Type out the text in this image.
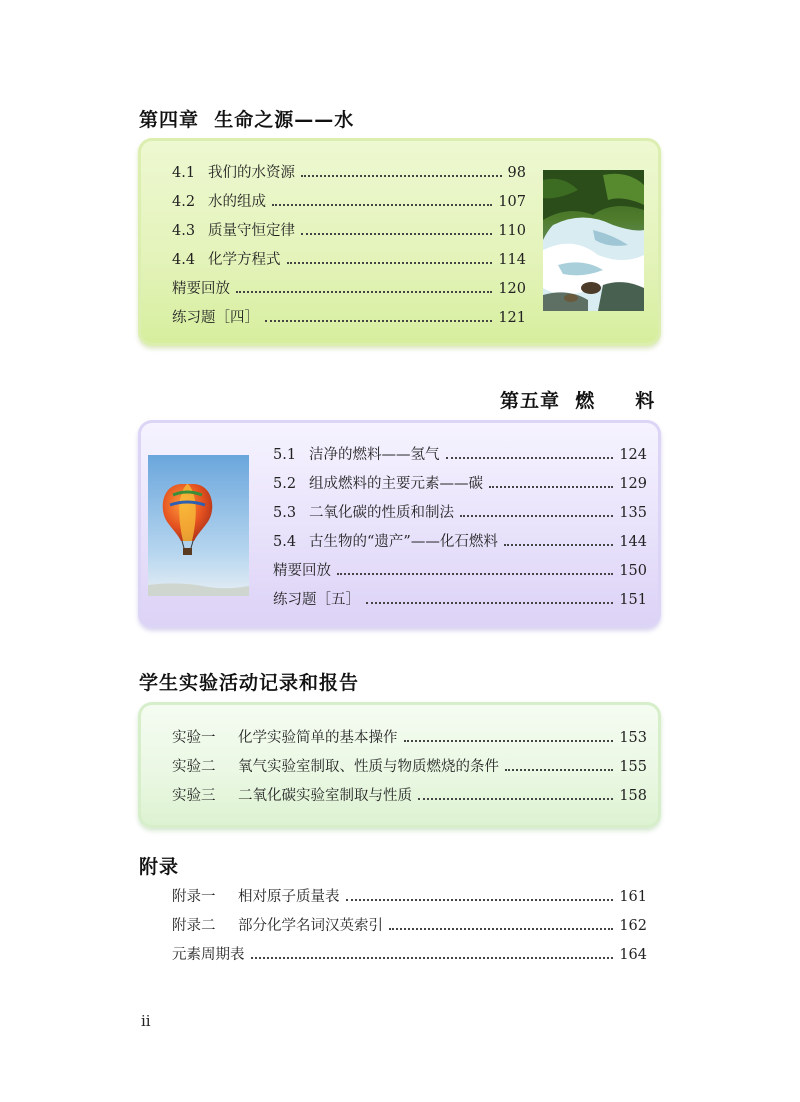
第四章  生命之源——水
4.1 我们的水资源	98
4.2 水的组成	107
4.3 质量守恒定律	110
4.4 化学方程式	114
精要回放	120
练习题［四］	121
第五章  燃　　料
5.1 洁净的燃料——氢气	124
5.2 组成燃料的主要元素——碳	129
5.3 二氧化碳的性质和制法	135
5.4 古生物的“遗产”——化石燃料	144
精要回放	150
练习题［五］	151
学生实验活动记录和报告
实验一	化学实验简单的基本操作	153
实验二	氧气实验室制取、性质与物质燃烧的条件	155
实验三	二氧化碳实验室制取与性质	158
附录
附录一	相对原子质量表	161
附录二	部分化学名词汉英索引	162
元素周期表	164
ii
